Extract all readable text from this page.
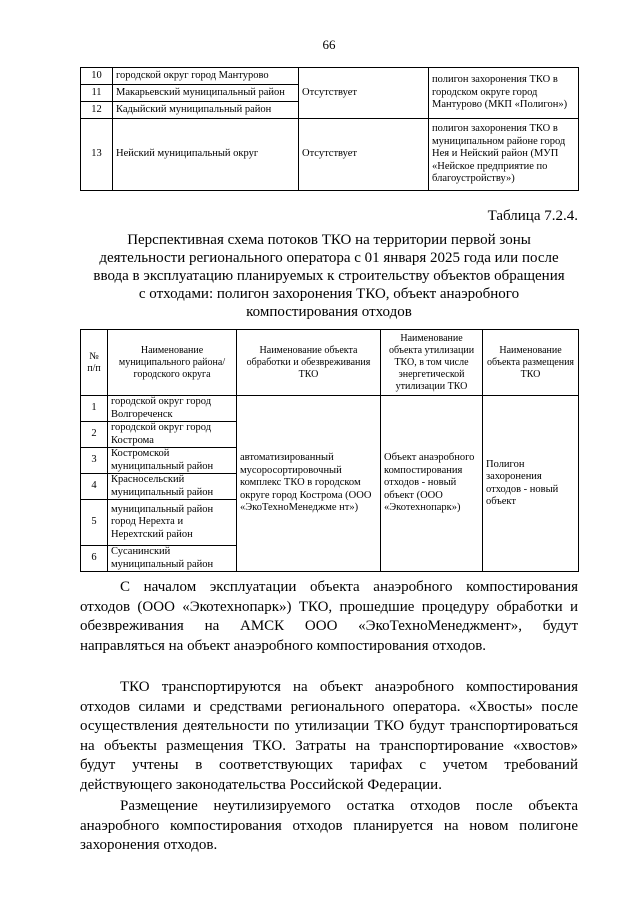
66
10	городской округ город Мантурово	Отсутствует	полигон захоронения ТКО в городском округе город Мантурово (МКП «Полигон»)
11	Макарьевский муниципальный район		
12	Кадыйский муниципальный район		
13	Нейский муниципальный округ	Отсутствует	полигон захоронения ТКО в муниципальном районе город Нея и Нейский район (МУП «Нейское предприятие по благоустройству»)
Таблица 7.2.4.
Перспективная схема потоков ТКО на территории первой зоны деятельности регионального оператора с 01 января 2025 года или после ввода в эксплуатацию планируемых к строительству объектов обращения с отходами: полигон захоронения ТКО, объект анаэробного компостирования отходов
№ п/п	Наименование муниципального района/ городского округа	Наименование объекта обработки и обезвреживания ТКО	Наименование объекта утилизации ТКО, в том числе энергетической утилизации ТКО	Наименование объекта размещения ТКО
1	городской округ город Волгореченск	автоматизированный мусоросортировочный комплекс ТКО в городском округе город Кострома (ООО «ЭкоТехноМенеджме нт»)	Объект анаэробного компостирования отходов - новый объект (ООО «Экотехнопарк»)	Полигон захоронения отходов - новый объект
2	городской округ город Кострома			
3	Костромской муниципальный район			
4	Красносельский муниципальный район			
5	муниципальный район город Нерехта и Нерехтский район			
6	Сусанинский муниципальный район			

С началом эксплуатации объекта анаэробного компостирования отходов (ООО «Экотехнопарк») ТКО, прошедшие процедуру обработки и обезвреживания на АМСК ООО «ЭкоТехноМенеджмент», будут направляться на объект анаэробного компостирования отходов.

ТКО транспортируются на объект анаэробного компостирования отходов силами и средствами регионального оператора. «Хвосты» после осуществления деятельности по утилизации ТКО будут транспортироваться на объекты размещения ТКО. Затраты на транспортирование «хвостов» будут учтены в соответствующих тарифах с учетом требований действующего законодательства Российской Федерации.

Размещение неутилизируемого остатка отходов после объекта анаэробного компостирования отходов планируется на новом полигоне захоронения отходов.
